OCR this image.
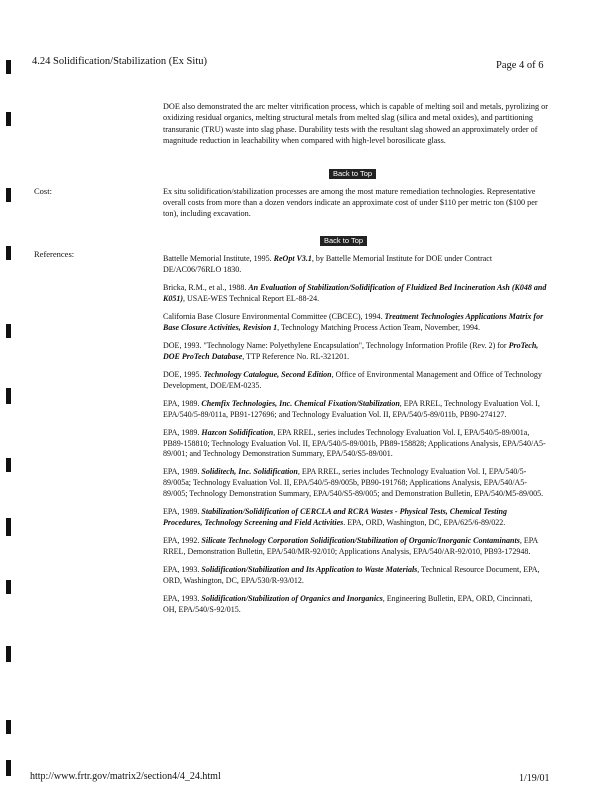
4.24 Solidification/Stabilization (Ex Situ)	Page 4 of 6
DOE also demonstrated the arc melter vitrification process, which is capable of melting soil and metals, pyrolizing or oxidizing residual organics, melting structural metals from melted slag (silica and metal oxides), and partitioning transuranic (TRU) waste into slag phase. Durability tests with the resultant slag showed an approximately order of magnitude reduction in leachability when compared with high-level borosilicate glass.
Back to Top
Cost:	Ex situ solidification/stabilization processes are among the most mature remediation technologies. Representative overall costs from more than a dozen vendors indicate an approximate cost of under $110 per metric ton ($100 per ton), including excavation.
Back to Top
References:	Battelle Memorial Institute, 1995. ReOpt V3.1, by Battelle Memorial Institute for DOE under Contract DE/AC06/76RLO 1830.

Bricka, R.M., et al., 1988. An Evaluation of Stabilization/Solidification of Fluidized Bed Incineration Ash (K048 and K051), USAE-WES Technical Report EL-88-24.

California Base Closure Environmental Committee (CBCEC), 1994. Treatment Technologies Applications Matrix for Base Closure Activities, Revision 1, Technology Matching Process Action Team, November, 1994.

DOE, 1993. "Technology Name: Polyethylene Encapsulation", Technology Information Profile (Rev. 2) for ProTech, DOE ProTech Database, TTP Reference No. RL-321201.

DOE, 1995. Technology Catalogue, Second Edition, Office of Environmental Management and Office of Technology Development, DOE/EM-0235.

EPA, 1989. Chemfix Technologies, Inc. Chemical Fixation/Stabilization, EPA RREL, Technology Evaluation Vol. I, EPA/540/5-89/011a, PB91-127696; and Technology Evaluation Vol. II, EPA/540/5-89/011b, PB90-274127.

EPA, 1989. Hazcon Solidification, EPA RREL, series includes Technology Evaluation Vol. I, EPA/540/5-89/001a, PB89-158810; Technology Evaluation Vol. II, EPA/540/5-89/001b, PB89-158828; Applications Analysis, EPA/540/A5-89/001; and Technology Demonstration Summary, EPA/540/S5-89/001.

EPA, 1989. Soliditech, Inc. Solidification, EPA RREL, series includes Technology Evaluation Vol. I, EPA/540/5-89/005a; Technology Evaluation Vol. II, EPA/540/5-89/005b, PB90-191768; Applications Analysis, EPA/540/A5-89/005; Technology Demonstration Summary, EPA/540/S5-89/005; and Demonstration Bulletin, EPA/540/M5-89/005.

EPA, 1989. Stabilization/Solidification of CERCLA and RCRA Wastes - Physical Tests, Chemical Testing Procedures, Technology Screening and Field Activities. EPA, ORD, Washington, DC, EPA/625/6-89/022.

EPA, 1992. Silicate Technology Corporation Solidification/Stabilization of Organic/Inorganic Contaminants, EPA RREL, Demonstration Bulletin, EPA/540/MR-92/010; Applications Analysis, EPA/540/AR-92/010, PB93-172948.

EPA, 1993. Solidification/Stabilization and Its Application to Waste Materials, Technical Resource Document, EPA, ORD, Washington, DC, EPA/530/R-93/012.

EPA, 1993. Solidification/Stabilization of Organics and Inorganics, Engineering Bulletin, EPA, ORD, Cincinnati, OH, EPA/540/S-92/015.

http://www.frtr.gov/matrix2/section4/4_24.html	1/19/01
